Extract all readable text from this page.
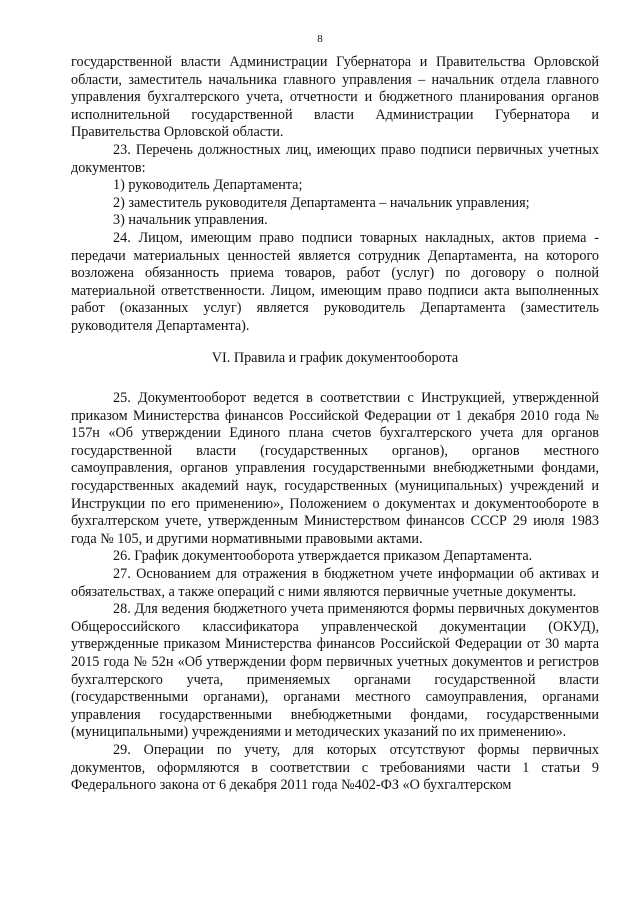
8

государственной власти Администрации Губернатора и Правительства Орловской области, заместитель начальника главного управления – начальник отдела главного управления бухгалтерского учета, отчетности и бюджетного планирования органов исполнительной государственной власти Администрации Губернатора и Правительства Орловской области.

23. Перечень должностных лиц, имеющих право подписи первичных учетных документов:

1) руководитель Департамента;

2) заместитель руководителя Департамента – начальник управления;

3) начальник управления.

24. Лицом, имеющим право подписи товарных накладных, актов приема - передачи материальных ценностей является сотрудник Департамента, на которого возложена обязанность приема товаров, работ (услуг) по договору о полной материальной ответственности. Лицом, имеющим право подписи акта выполненных работ (оказанных услуг) является руководитель Департамента (заместитель руководителя Департамента).

VI. Правила и график документооборота

25. Документооборот ведется в соответствии с Инструкцией, утвержденной приказом Министерства финансов Российской Федерации от 1 декабря 2010 года № 157н «Об утверждении Единого плана счетов бухгалтерского учета для органов государственной власти (государственных органов), органов местного самоуправления, органов управления государственными внебюджетными фондами, государственных академий наук, государственных (муниципальных) учреждений и Инструкции по его применению», Положением о документах и документообороте в бухгалтерском учете, утвержденным Министерством финансов СССР 29 июля 1983 года № 105, и другими нормативными правовыми актами.

26. График документооборота утверждается приказом Департамента.

27. Основанием для отражения в бюджетном учете информации об активах и обязательствах, а также операций с ними являются первичные учетные документы.

28. Для ведения бюджетного учета применяются формы первичных документов Общероссийского классификатора управленческой документации (ОКУД), утвержденные приказом Министерства финансов Российской Федерации от 30 марта 2015 года № 52н «Об утверждении форм первичных учетных документов и регистров бухгалтерского учета, применяемых органами государственной власти (государственными органами), органами местного самоуправления, органами управления государственными внебюджетными фондами, государственными (муниципальными) учреждениями и методических указаний по их применению».

29. Операции по учету, для которых отсутствуют формы первичных документов, оформляются в соответствии с требованиями части 1 статьи 9 Федерального закона от 6 декабря 2011 года №402-ФЗ «О бухгалтерском
